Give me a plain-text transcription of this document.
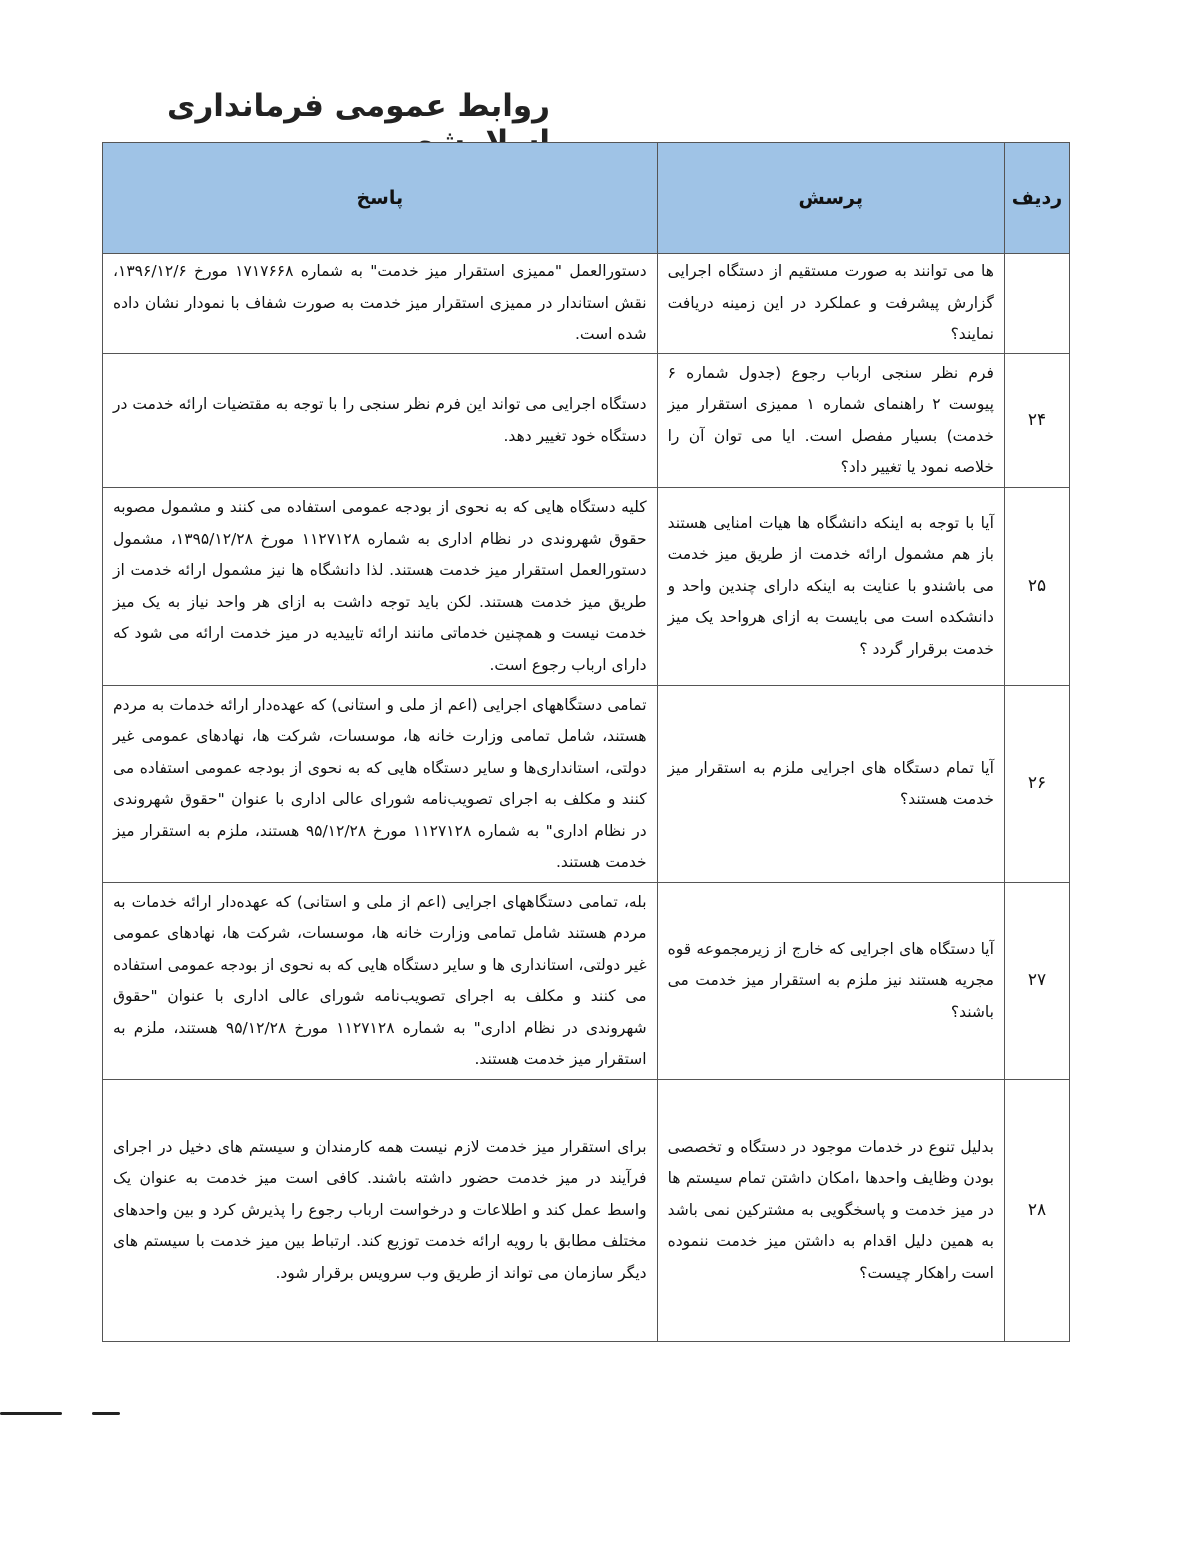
روابط عمومی فرمانداری
ردیف	پرسش	پاسخ

	ها می توانند به صورت مستقیم از دستگاه اجرایی گزارش پیشرفت و عملکرد در این زمینه دریافت نمایند؟	دستورالعمل "ممیزی استقرار میز خدمت" به شماره ۱۷۱۷۶۶۸ مورخ ۱۳۹۶/۱۲/۶، نقش استاندار در ممیزی استقرار میز خدمت به صورت شفاف با نمودار نشان داده شده است.

۲۴	فرم نظر سنجی ارباب رجوع (جدول شماره ۶ پیوست ۲ راهنمای شماره ۱ ممیزی استقرار میز خدمت) بسیار مفصل است. ایا می توان آن را خلاصه نمود یا تغییر داد؟	دستگاه اجرایی می تواند این فرم نظر سنجی را با توجه به مقتضیات ارائه خدمت در دستگاه خود تغییر دهد.

۲۵	آیا با توجه به اینکه دانشگاه ها هیات امنایی هستند باز هم مشمول ارائه خدمت از طریق میز خدمت می باشندو با عنایت به اینکه دارای چندین واحد و دانشکده است می بایست به ازای هرواحد یک میز خدمت برقرار گردد ؟	کلیه دستگاه هایی که به نحوی از بودجه عمومی استفاده می کنند و مشمول مصوبه حقوق شهروندی در نظام اداری به شماره ۱۱۲۷۱۲۸ مورخ ۱۳۹۵/۱۲/۲۸، مشمول دستورالعمل استقرار میز خدمت هستند. لذا دانشگاه ها نیز مشمول ارائه خدمت از طریق میز خدمت هستند. لکن باید توجه داشت به ازای هر واحد نیاز به یک میز خدمت نیست و همچنین خدماتی مانند ارائه تاییدیه در میز خدمت ارائه می شود که دارای ارباب رجوع است.

۲۶	آیا تمام دستگاه های اجرایی ملزم به استقرار میز خدمت هستند؟	تمامی دستگاههای اجرایی (اعم از ملی و استانی) که عهده‌دار ارائه خدمات به مردم هستند، شامل تمامی وزارت خانه ها، موسسات، شرکت ها، نهادهای عمومی غیر دولتی، استانداری‌ها و سایر دستگاه هایی که به نحوی از بودجه عمومی استفاده می کنند و مکلف به اجرای تصویب‌نامه شورای عالی اداری با عنوان "حقوق شهروندی در نظام اداری" به شماره ۱۱۲۷۱۲۸ مورخ ۹۵/۱۲/۲۸ هستند، ملزم به استقرار میز خدمت هستند.

۲۷	آیا دستگاه های اجرایی که خارج از زیرمجموعه قوه مجریه هستند نیز ملزم به استقرار میز خدمت می باشند؟	بله، تمامی دستگاههای اجرایی (اعم از ملی و استانی) که عهده‌دار ارائه خدمات به مردم هستند شامل تمامی وزارت خانه ها، موسسات، شرکت ها، نهادهای عمومی غیر دولتی، استانداری ها و سایر دستگاه هایی که به نحوی از بودجه عمومی استفاده می کنند و مکلف به اجرای تصویب‌نامه شورای عالی اداری با عنوان "حقوق شهروندی در نظام اداری" به شماره ۱۱۲۷۱۲۸ مورخ ۹۵/۱۲/۲۸ هستند، ملزم به استقرار میز خدمت هستند.

۲۸	بدلیل تنوع در خدمات موجود در دستگاه و تخصصی بودن وظایف واحدها ،امکان داشتن تمام سیستم ها در میز خدمت و پاسخگویی به مشترکین نمی باشد به همین دلیل اقدام به داشتن میز خدمت ننموده است راهکار چیست؟	برای استقرار میز خدمت لازم نیست همه کارمندان و سیستم های دخیل در اجرای فرآیند در میز خدمت حضور داشته باشند. کافی است میز خدمت به عنوان یک واسط عمل کند و اطلاعات و درخواست ارباب رجوع را پذیرش کرد و بین واحدهای مختلف مطابق با رویه ارائه خدمت توزیع کند. ارتباط بین میز خدمت با سیستم های دیگر سازمان می تواند از طریق وب سرویس برقرار شود.
